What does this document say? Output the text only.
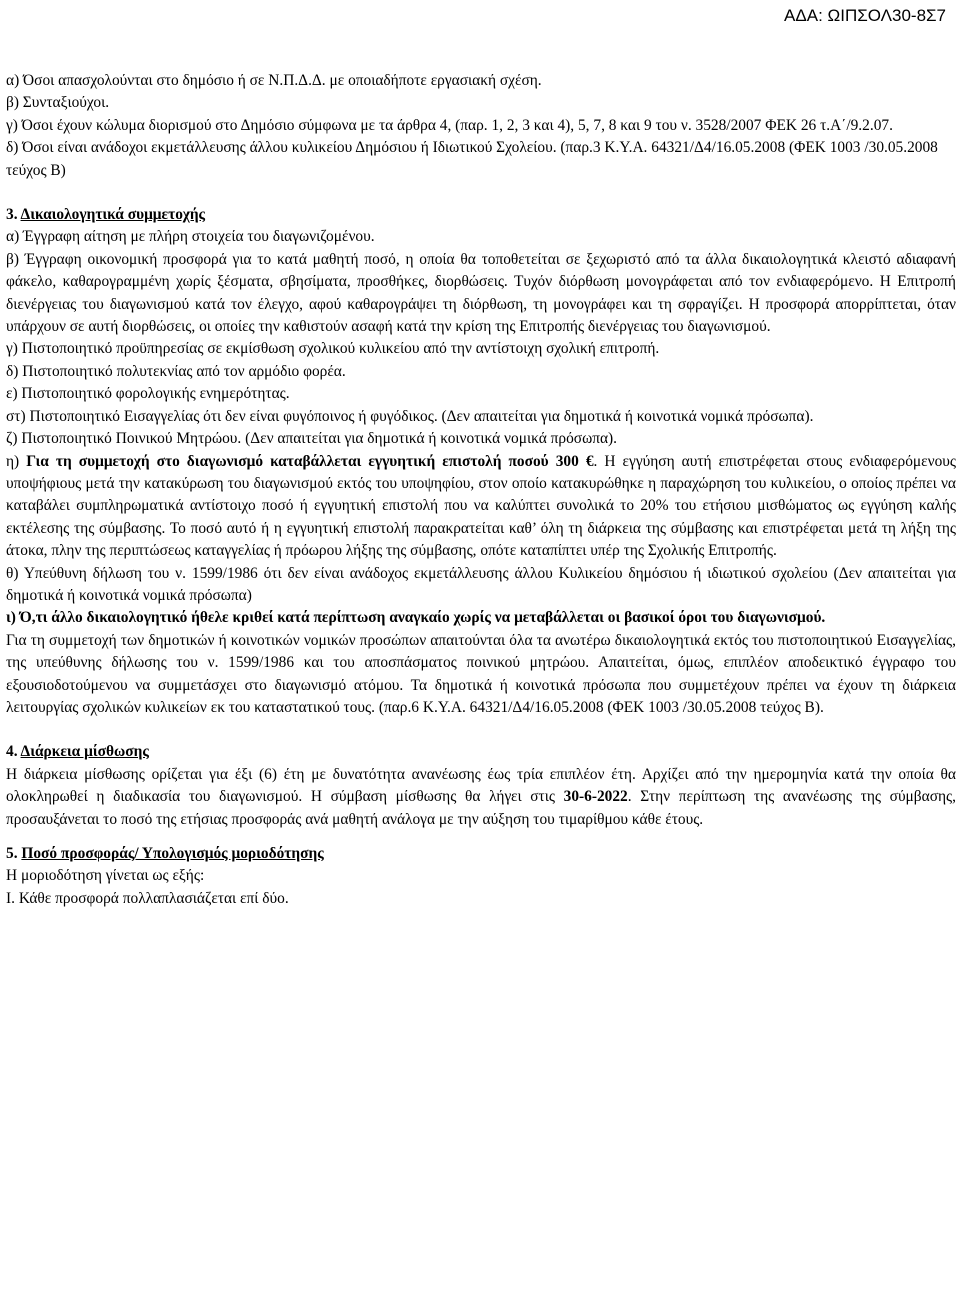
ΑΔΑ: ΩΙΠΣΟΛ30-8Σ7

α) Όσοι απασχολούνται στο δημόσιο ή σε Ν.Π.Δ.Δ. με οποιαδήποτε εργασιακή σχέση.

β) Συνταξιούχοι.

γ) Όσοι έχουν κώλυμα διορισμού στο Δημόσιο σύμφωνα με τα άρθρα 4, (παρ. 1, 2, 3 και 4), 5, 7, 8 και 9 του ν. 3528/2007 ΦΕΚ 26 τ.Α΄/9.2.07.

δ) Όσοι είναι ανάδοχοι εκμετάλλευσης άλλου κυλικείου Δημόσιου ή Ιδιωτικού Σχολείου. (παρ.3 Κ.Υ.Α. 64321/Δ4/16.05.2008 (ΦΕΚ 1003 /30.05.2008 τεύχος Β)

3. Δικαιολογητικά συμμετοχής

α) Έγγραφη αίτηση με πλήρη στοιχεία του διαγωνιζομένου.

β) Έγγραφη οικονομική προσφορά για το κατά μαθητή ποσό, η οποία θα τοποθετείται σε ξεχωριστό από τα άλλα δικαιολογητικά κλειστό αδιαφανή φάκελο, καθαρογραμμένη χωρίς ξέσματα, σβησίματα, προσθήκες, διορθώσεις. Τυχόν διόρθωση μονογράφεται από τον ενδιαφερόμενο. Η Επιτροπή διενέργειας του διαγωνισμού κατά τον έλεγχο, αφού καθαρογράψει τη διόρθωση, τη μονογράφει και τη σφραγίζει. Η προσφορά απορρίπτεται, όταν υπάρχουν σε αυτή διορθώσεις, οι οποίες την καθιστούν ασαφή κατά την κρίση της Επιτροπής διενέργειας του διαγωνισμού.

γ) Πιστοποιητικό προϋπηρεσίας σε εκμίσθωση σχολικού κυλικείου από την αντίστοιχη σχολική επιτροπή.

δ) Πιστοποιητικό πολυτεκνίας από τον αρμόδιο φορέα.

ε) Πιστοποιητικό φορολογικής ενημερότητας.

στ) Πιστοποιητικό Εισαγγελίας ότι δεν είναι φυγόποινος ή φυγόδικος. (Δεν απαιτείται για δημοτικά ή κοινοτικά νομικά πρόσωπα).

ζ) Πιστοποιητικό Ποινικού Μητρώου. (Δεν απαιτείται για δημοτικά ή κοινοτικά νομικά πρόσωπα).

η) Για τη συμμετοχή στο διαγωνισμό καταβάλλεται εγγυητική επιστολή ποσού 300 €. Η εγγύηση αυτή επιστρέφεται στους ενδιαφερόμενους υποψήφιους μετά την κατακύρωση του διαγωνισμού εκτός του υποψηφίου, στον οποίο κατακυρώθηκε η παραχώρηση του κυλικείου, ο οποίος πρέπει να καταβάλει συμπληρωματικά αντίστοιχο ποσό ή εγγυητική επιστολή που να καλύπτει συνολικά το 20% του ετήσιου μισθώματος ως εγγύηση καλής εκτέλεσης της σύμβασης. Το ποσό αυτό ή η εγγυητική επιστολή παρακρατείται καθ’ όλη τη διάρκεια της σύμβασης και επιστρέφεται μετά τη λήξη της άτοκα, πλην της περιπτώσεως καταγγελίας ή πρόωρου λήξης της σύμβασης, οπότε καταπίπτει υπέρ της Σχολικής Επιτροπής.

θ) Υπεύθυνη δήλωση του ν. 1599/1986 ότι δεν είναι ανάδοχος εκμετάλλευσης άλλου Κυλικείου δημόσιου ή ιδιωτικού σχολείου (Δεν απαιτείται για δημοτικά ή κοινοτικά νομικά πρόσωπα)

ι) Ό,τι άλλο δικαιολογητικό ήθελε κριθεί κατά περίπτωση αναγκαίο χωρίς να μεταβάλλεται οι βασικοί όροι του διαγωνισμού.

Για τη συμμετοχή των δημοτικών ή κοινοτικών νομικών προσώπων απαιτούνται όλα τα ανωτέρω δικαιολογητικά εκτός του πιστοποιητικού Εισαγγελίας, της υπεύθυνης δήλωσης του ν. 1599/1986 και του αποσπάσματος ποινικού μητρώου. Απαιτείται, όμως, επιπλέον αποδεικτικό έγγραφο του εξουσιοδοτούμενου να συμμετάσχει στο διαγωνισμό ατόμου. Τα δημοτικά ή κοινοτικά πρόσωπα που συμμετέχουν πρέπει να έχουν τη διάρκεια λειτουργίας σχολικών κυλικείων εκ του καταστατικού τους. (παρ.6 Κ.Υ.Α. 64321/Δ4/16.05.2008 (ΦΕΚ 1003 /30.05.2008 τεύχος Β).

4. Διάρκεια μίσθωσης

Η διάρκεια μίσθωσης ορίζεται για έξι (6) έτη με δυνατότητα ανανέωσης έως τρία επιπλέον έτη. Αρχίζει από την ημερομηνία κατά την οποία θα ολοκληρωθεί η διαδικασία του διαγωνισμού. Η σύμβαση μίσθωσης θα λήγει στις 30-6-2022. Στην περίπτωση της ανανέωσης της σύμβασης, προσαυξάνεται το ποσό της ετήσιας προσφοράς ανά μαθητή ανάλογα με την αύξηση του τιμαρίθμου κάθε έτους.

5. Ποσό προσφοράς/ Υπολογισμός μοριοδότησης

Η μοριοδότηση γίνεται ως εξής:

Ι. Κάθε προσφορά πολλαπλασιάζεται επί δύο.
